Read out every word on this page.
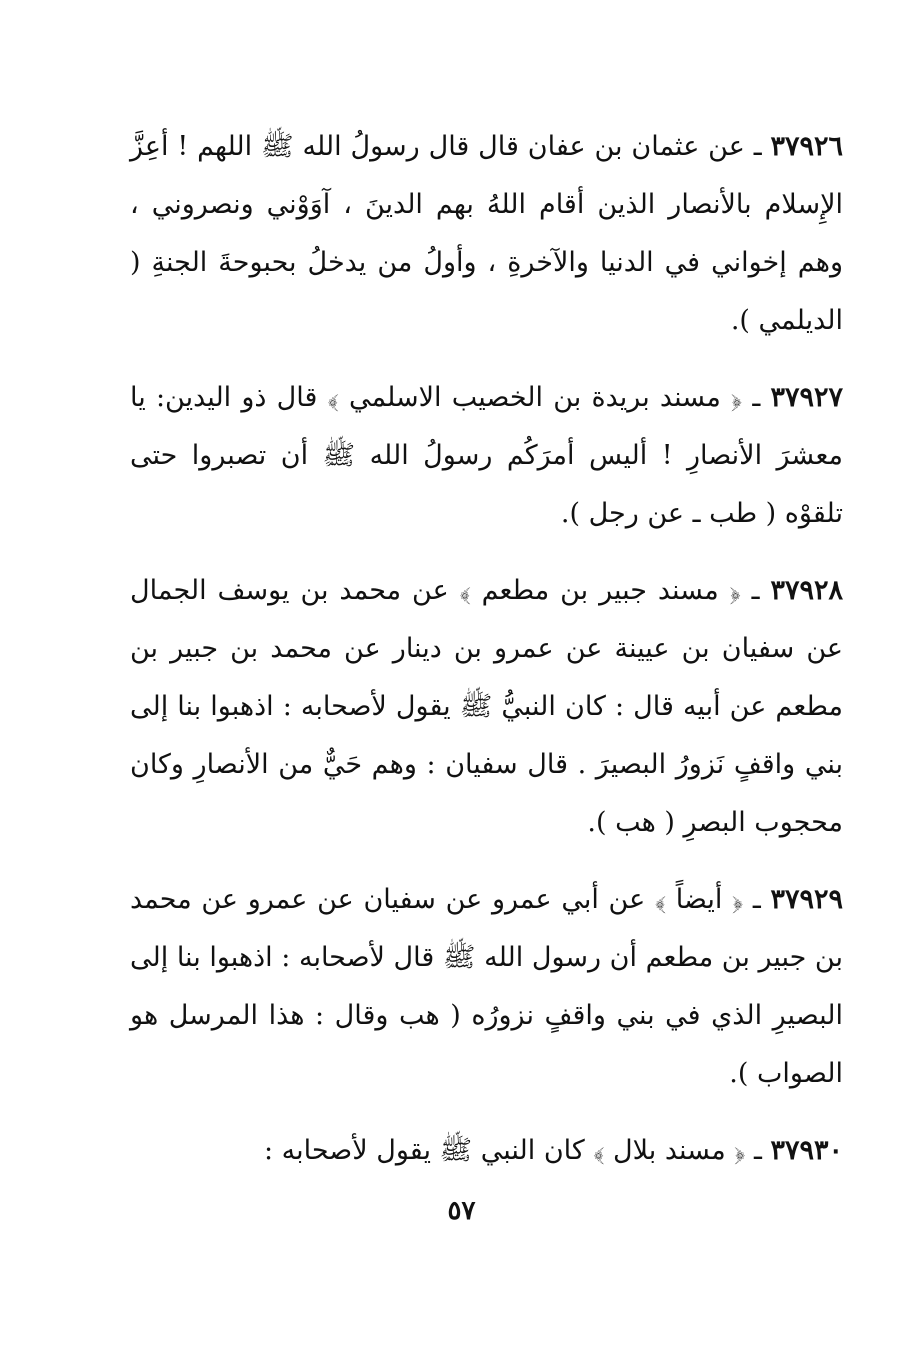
٣٧٩٢٦ ـ عن عثمان بن عفان قال قال رسولُ الله ﷺ اللهم ! أعِزَّ الإِسلام بالأنصار الذين أقام اللهُ بهم الدينَ ، آوَوْني ونصروني ، وهم إخواني في الدنيا والآخرةِ ، وأولُ من يدخلُ بحبوحةَ الجنةِ ( الديلمي ).

٣٧٩٢٧ ـ ﴿ مسند بريدة بن الخصيب الاسلمي ﴾ قال ذو اليدين: يا معشرَ الأنصارِ ! أليس أمرَكُم رسولُ الله ﷺ أن تصبروا حتى تلقوْه ( طب ـ عن رجل ).

٣٧٩٢٨ ـ ﴿ مسند جبير بن مطعم ﴾ عن محمد بن يوسف الجمال عن سفيان بن عيينة عن عمرو بن دينار عن محمد بن جبير بن مطعم عن أبيه قال : كان النبيُّ ﷺ يقول لأصحابه : اذهبوا بنا إلى بني واقفٍ نَزورُ البصيرَ . قال سفيان : وهم حَيٌّ من الأنصارِ وكان محجوب البصرِ ( هب ).

٣٧٩٢٩ ـ ﴿ أيضاً ﴾ عن أبي عمرو عن سفيان عن عمرو عن محمد بن جبير بن مطعم أن رسول الله ﷺ قال لأصحابه : اذهبوا بنا إلى البصيرِ الذي في بني واقفٍ نزورُه ( هب وقال : هذا المرسل هو الصواب ).

٣٧٩٣٠ ـ ﴿ مسند بلال ﴾ كان النبي ﷺ يقول لأصحابه :

٥٧
